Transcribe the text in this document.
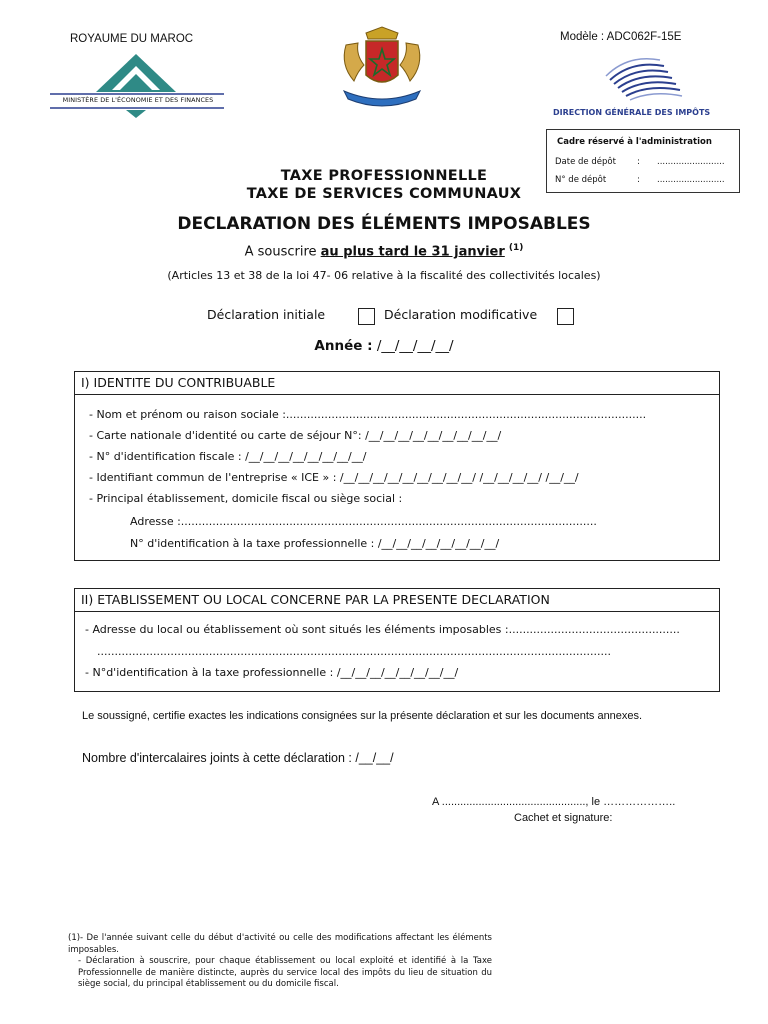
ROYAUME DU MAROC
MINISTÈRE DE L'ÉCONOMIE ET DES FINANCES
Modèle : ADC062F-15E
DIRECTION GÉNÉRALE DES IMPÔTS
Cadre réservé à l'administration
Date de dépôt : .........................
N° de dépôt	: .........................
TAXE PROFESSIONNELLE
TAXE DE SERVICES COMMUNAUX
DECLARATION DES ÉLÉMENTS IMPOSABLES
A souscrire au plus tard le 31 janvier $^{(1)}$
(Articles 13 et 38 de la loi 47- 06 relative à la fiscalité des collectivités locales)
Déclaration initiale	Déclaration modificative
Année : /__/__/__/__/
I) IDENTITE DU CONTRIBUABLE
- Nom et prénom ou raison sociale :.......................................................................................................
- Carte nationale d'identité ou carte de séjour N°: /__/__/__/__/__/__/__/__/__/
- N° d'identification fiscale : /__/__/__/__/__/__/__/__/
- Identifiant commun de l'entreprise « ICE » : /__/__/__/__/__/__/__/__/__/ /__/__/__/__/ /__/__/
- Principal établissement, domicile fiscal ou siège social :
Adresse :.......................................................................................................................
N° d'identification à la taxe professionnelle : /__/__/__/__/__/__/__/__/
II) ETABLISSEMENT OU LOCAL CONCERNE PAR LA PRESENTE DECLARATION
- Adresse du local ou établissement où sont situés les éléments imposables :.................................................
...................................................................................................................................................
- N°d'identification à la taxe professionnelle : /__/__/__/__/__/__/__/__/
Le soussigné, certifie exactes les indications consignées sur la présente déclaration et sur les documents annexes.
Nombre d'intercalaires joints à cette déclaration : /__/__/
A ..............................................., le ………………..
Cachet et signature:
(1)- De l'année suivant celle du début d'activité ou celle des modifications affectant les éléments imposables.
- Déclaration à souscrire, pour chaque établissement ou local exploité et identifié à la Taxe Professionnelle de manière distincte, auprès du service local des impôts du lieu de situation du siège social, du principal établissement ou du domicile fiscal.
